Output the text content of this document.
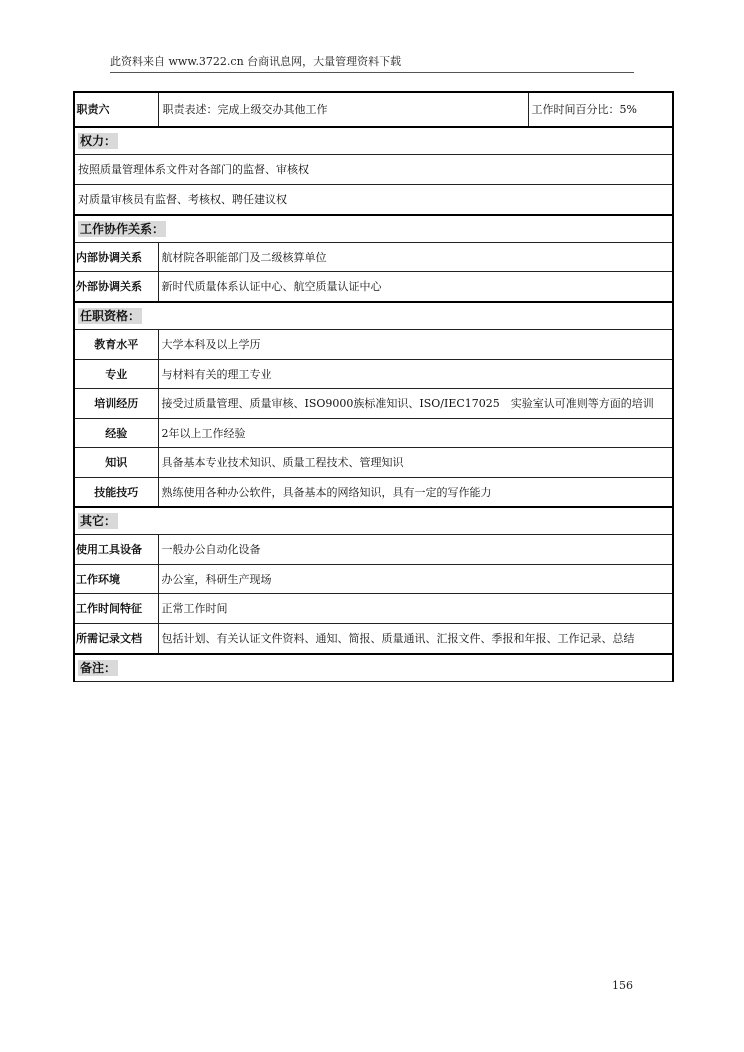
此资料来自 www.3722.cn 台商讯息网，大量管理资料下载
职责六	职责表述：完成上级交办其他工作	工作时间百分比：5%
权力：		
按照质量管理体系文件对各部门的监督、审核权		
对质量审核员有监督、考核权、聘任建议权		
工作协作关系：		
内部协调关系	航材院各职能部门及二级核算单位	
外部协调关系	新时代质量体系认证中心、航空质量认证中心	
任职资格：		
教育水平	大学本科及以上学历	
专业	与材料有关的理工专业	
培训经历	接受过质量管理、质量审核、ISO9000族标准知识、ISO/IEC17025　实验室认可准则等方面的培训	
经验	2年以上工作经验	
知识	具备基本专业技术知识、质量工程技术、管理知识	
技能技巧	熟练使用各种办公软件，具备基本的网络知识，具有一定的写作能力	
其它：		
使用工具设备	一般办公自动化设备	
工作环境	办公室，科研生产现场	
工作时间特征	正常工作时间	
所需记录文档	包括计划、有关认证文件资料、通知、简报、质量通讯、汇报文件、季报和年报、工作记录、总结	
备注：		
156
